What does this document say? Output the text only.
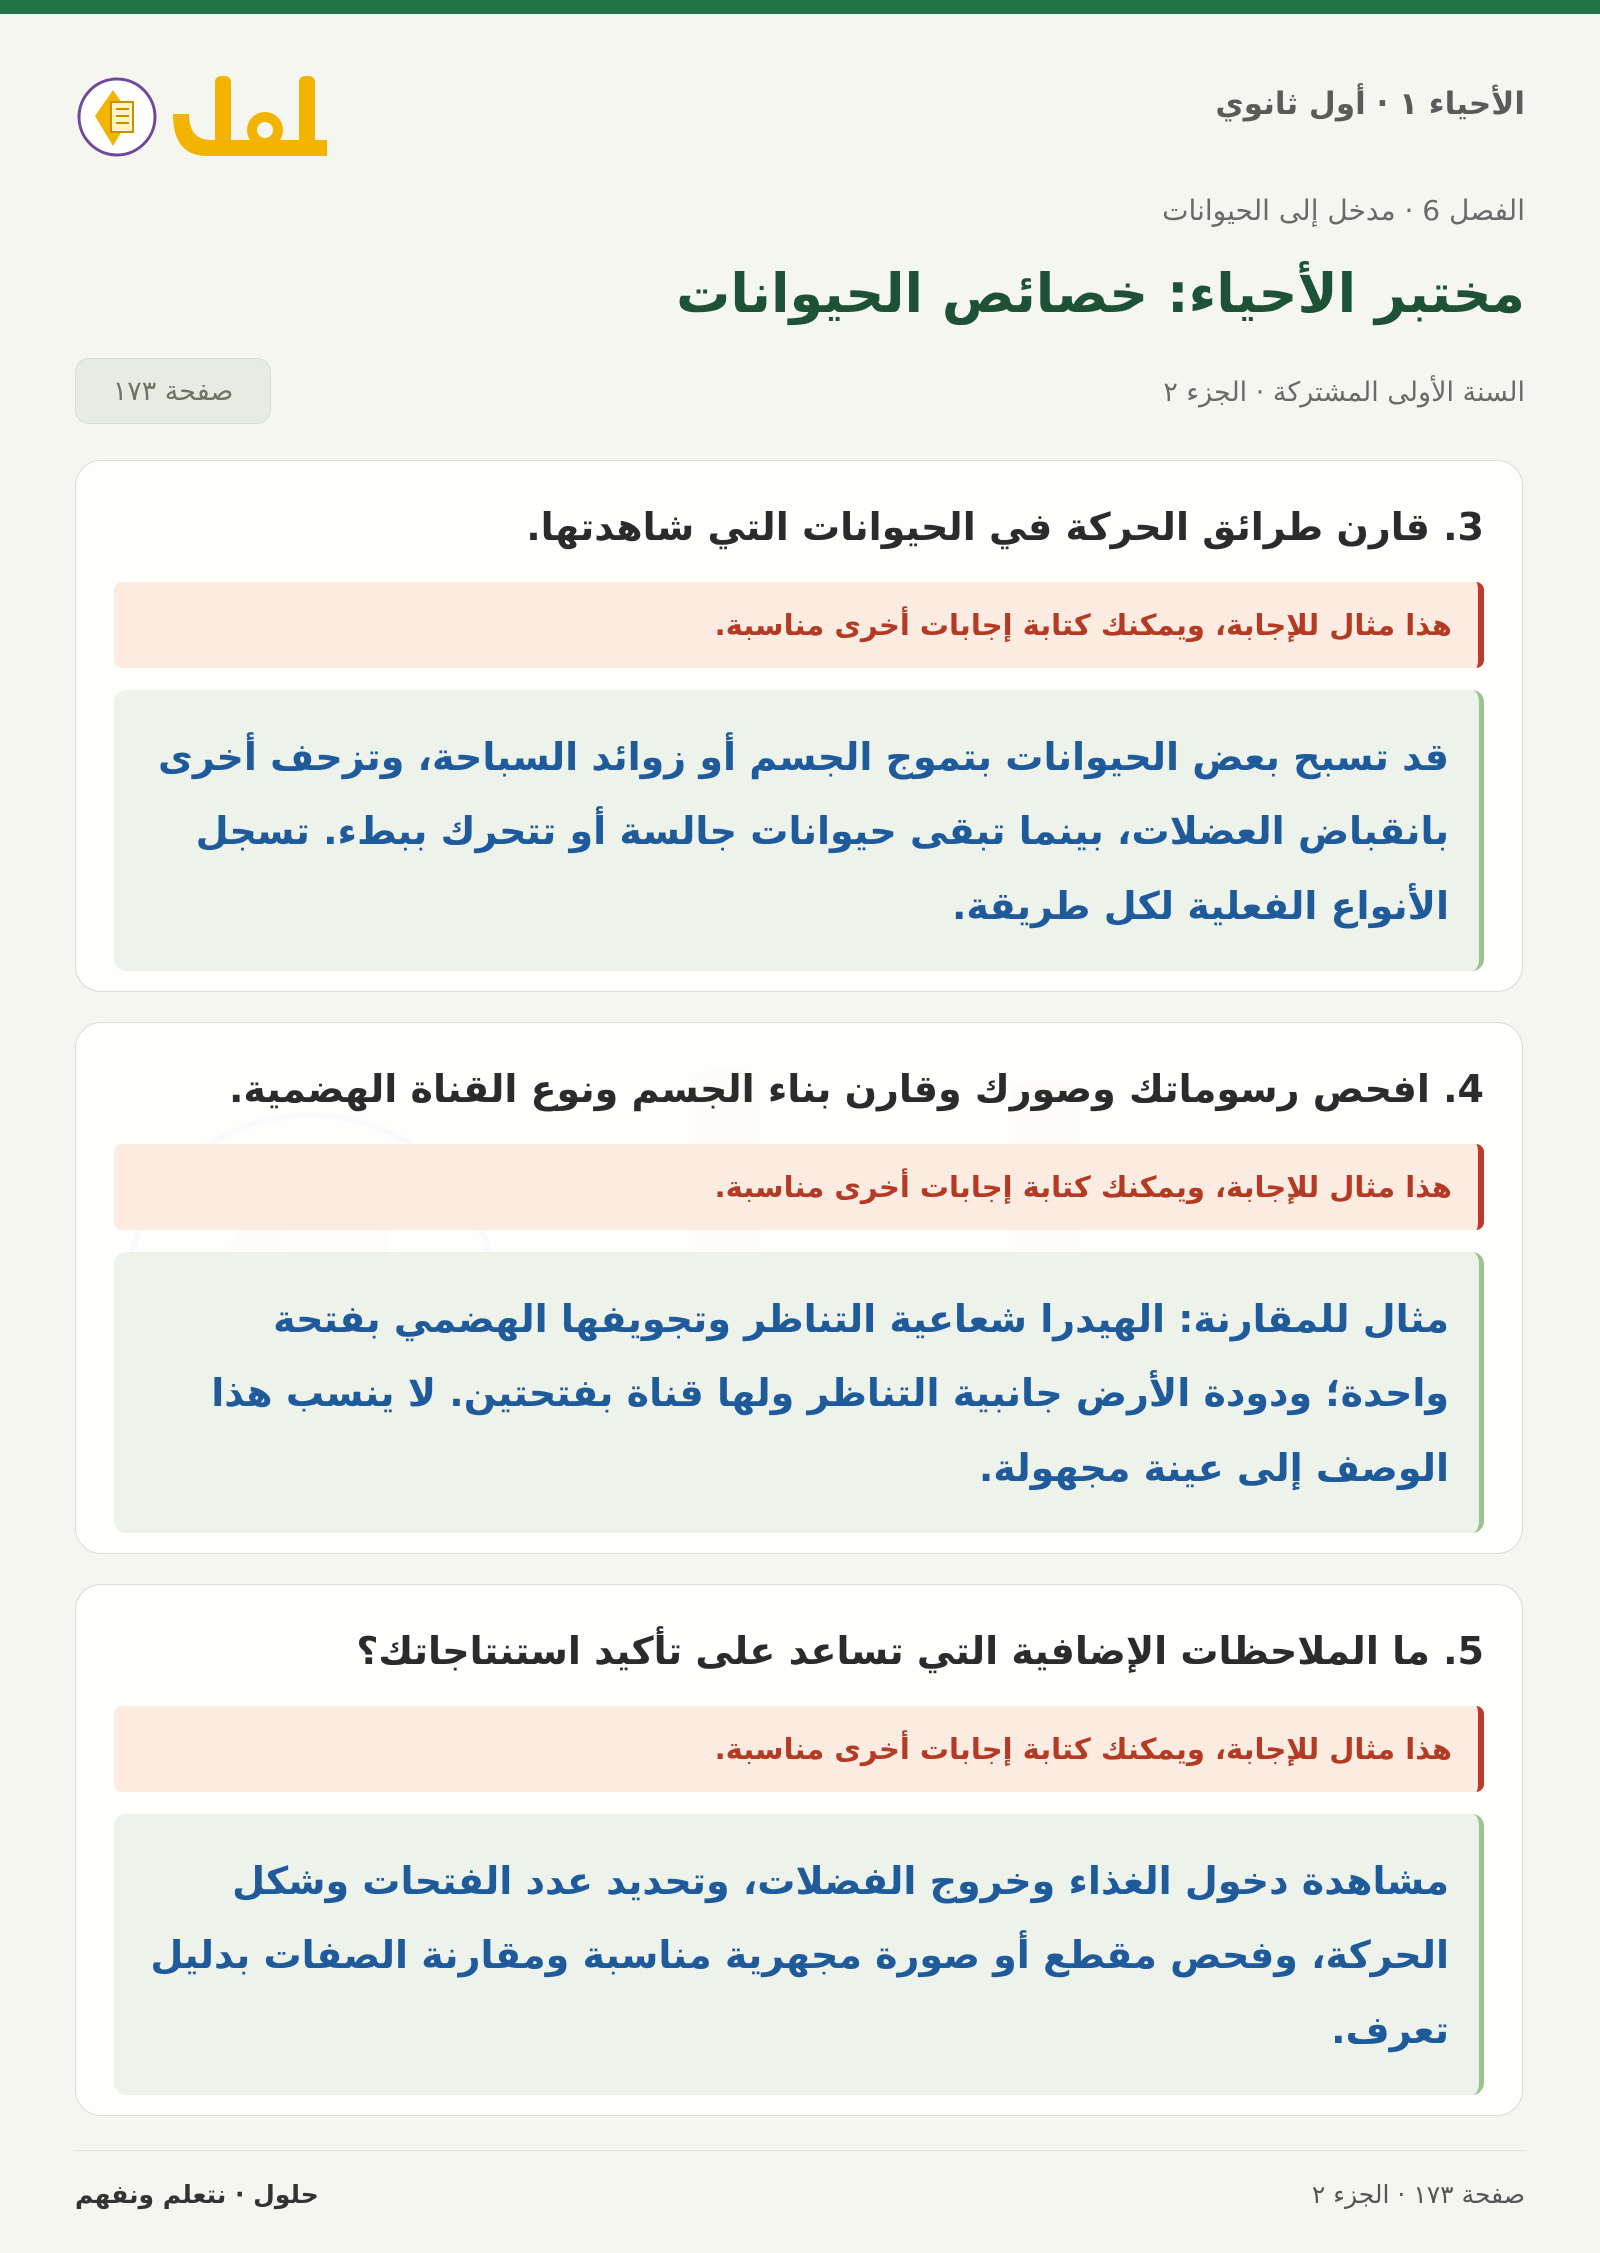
الأحياء ١ · أول ثانوي
الفصل 6 · مدخل إلى الحيوانات
مختبر الأحياء: خصائص الحيوانات
السنة الأولى المشتركة · الجزء ٢
صفحة ١٧٣

3. قارن طرائق الحركة في الحيوانات التي شاهدتها.

هذا مثال للإجابة، ويمكنك كتابة إجابات أخرى مناسبة.
قد تسبح بعض الحيوانات بتموج الجسم أو زوائد السباحة، وتزحف أخرى بانقباض العضلات، بينما تبقى حيوانات جالسة أو تتحرك ببطء. تسجل الأنواع الفعلية لكل طريقة.

4. افحص رسوماتك وصورك وقارن بناء الجسم ونوع القناة الهضمية.

هذا مثال للإجابة، ويمكنك كتابة إجابات أخرى مناسبة.
مثال للمقارنة: الهيدرا شعاعية التناظر وتجويفها الهضمي بفتحة واحدة؛ ودودة الأرض جانبية التناظر ولها قناة بفتحتين. لا ينسب هذا الوصف إلى عينة مجهولة.

5. ما الملاحظات الإضافية التي تساعد على تأكيد استنتاجاتك؟

هذا مثال للإجابة، ويمكنك كتابة إجابات أخرى مناسبة.
مشاهدة دخول الغذاء وخروج الفضلات، وتحديد عدد الفتحات وشكل الحركة، وفحص مقطع أو صورة مجهرية مناسبة ومقارنة الصفات بدليل تعرف.
صفحة ١٧٣ · الجزء ٢
حلول · نتعلم ونفهم
